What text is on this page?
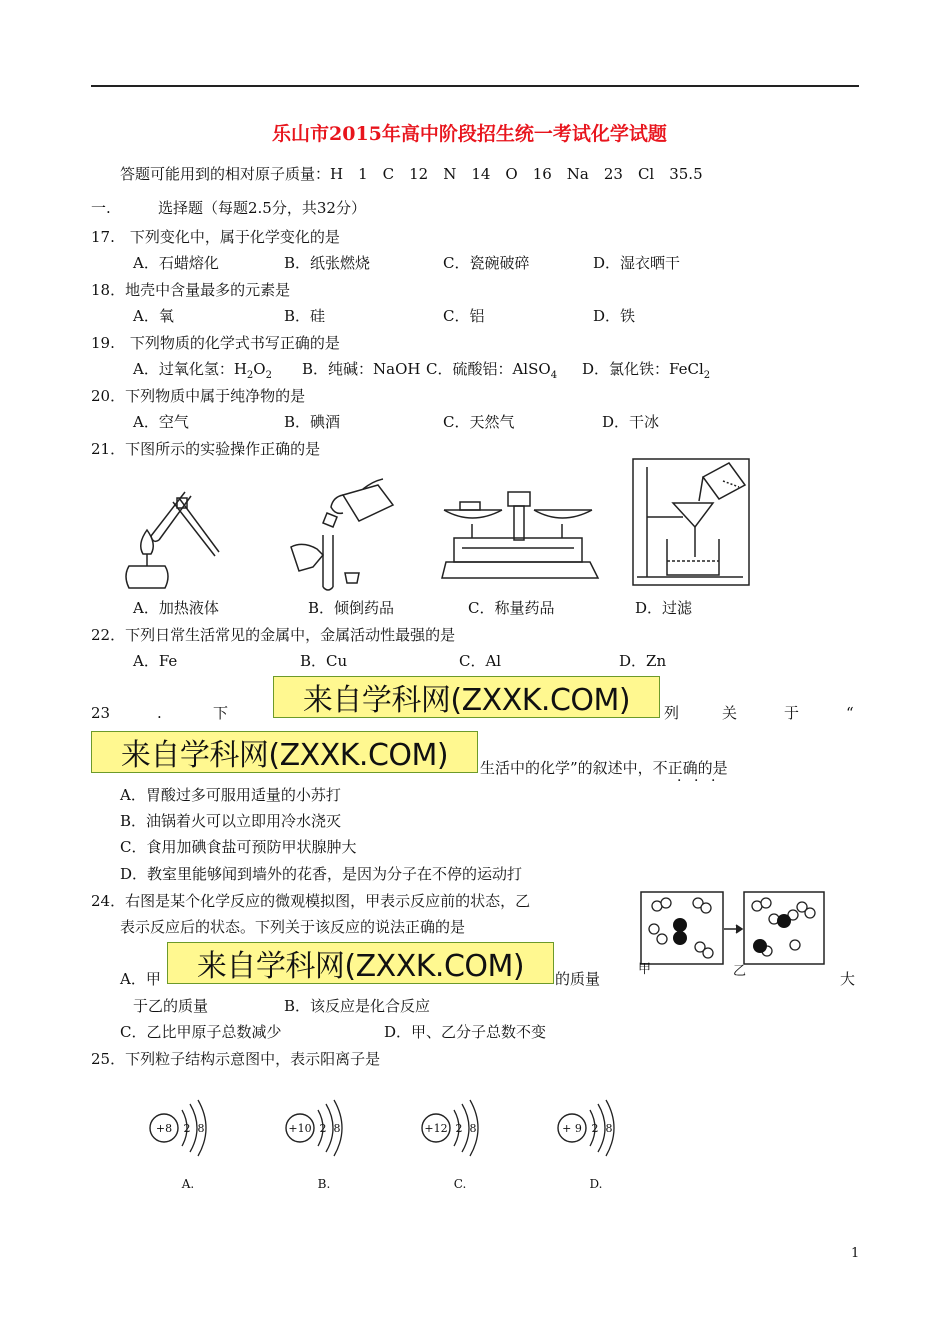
乐山市2015年高中阶段招生统一考试化学试题
答题可能用到的相对原子质量：H　1　C　12　N　14　O　16　Na　23　Cl　35.5
一.	选择题（每题2.5分，共32分）
17.　下列变化中，属于化学变化的是
A．石蜡熔化	B．纸张燃烧	C．瓷碗破碎	D．湿衣晒干
18．地壳中含量最多的元素是
A．氧	B．硅	C．铝	D．铁
19.　下列物质的化学式书写正确的是
A．过氧化氢：$H_2O_2$ B．纯碱：NaOH C．硫酸铝：AlSO$_4$ D．氯化铁：FeCl$_2$
20．下列物质中属于纯净物的是
A．空气	B．碘酒	C．天然气	D．干冰
21．下图所示的实验操作正确的是
A．加热液体	B．倾倒药品	C．称量药品	D．过滤
22．下列日常生活常见的金属中，金属活动性最强的是
A．Fe	B．Cu	C．Al	D．Zn
23	.	下	来自学科网(ZXXK.COM)	列	关	于	“
来自学科网(ZXXK.COM)	生活中的化学”的叙述中，不正确的是
· · ·
A．胃酸过多可服用适量的小苏打
B．油锅着火可以立即用冷水浇灭
C．食用加碘食盐可预防甲状腺肿大
D．教室里能够闻到墙外的花香，是因为分子在不停的运动打
24．右图是某个化学反应的微观模拟图，甲表示反应前的状态，乙
表示反应后的状态。下列关于该反应的说法正确的是
甲	乙
A．甲	来自学科网(ZXXK.COM)	的质量	大
于乙的质量	B．该反应是化合反应
C．乙比甲原子总数减少	D．甲、乙分子总数不变
25．下列粒子结构示意图中，表示阳离子是
+8 2 8
A.
+10 2 8
B.
+12 2 8
C.
+ 9 2 8
D.
1
